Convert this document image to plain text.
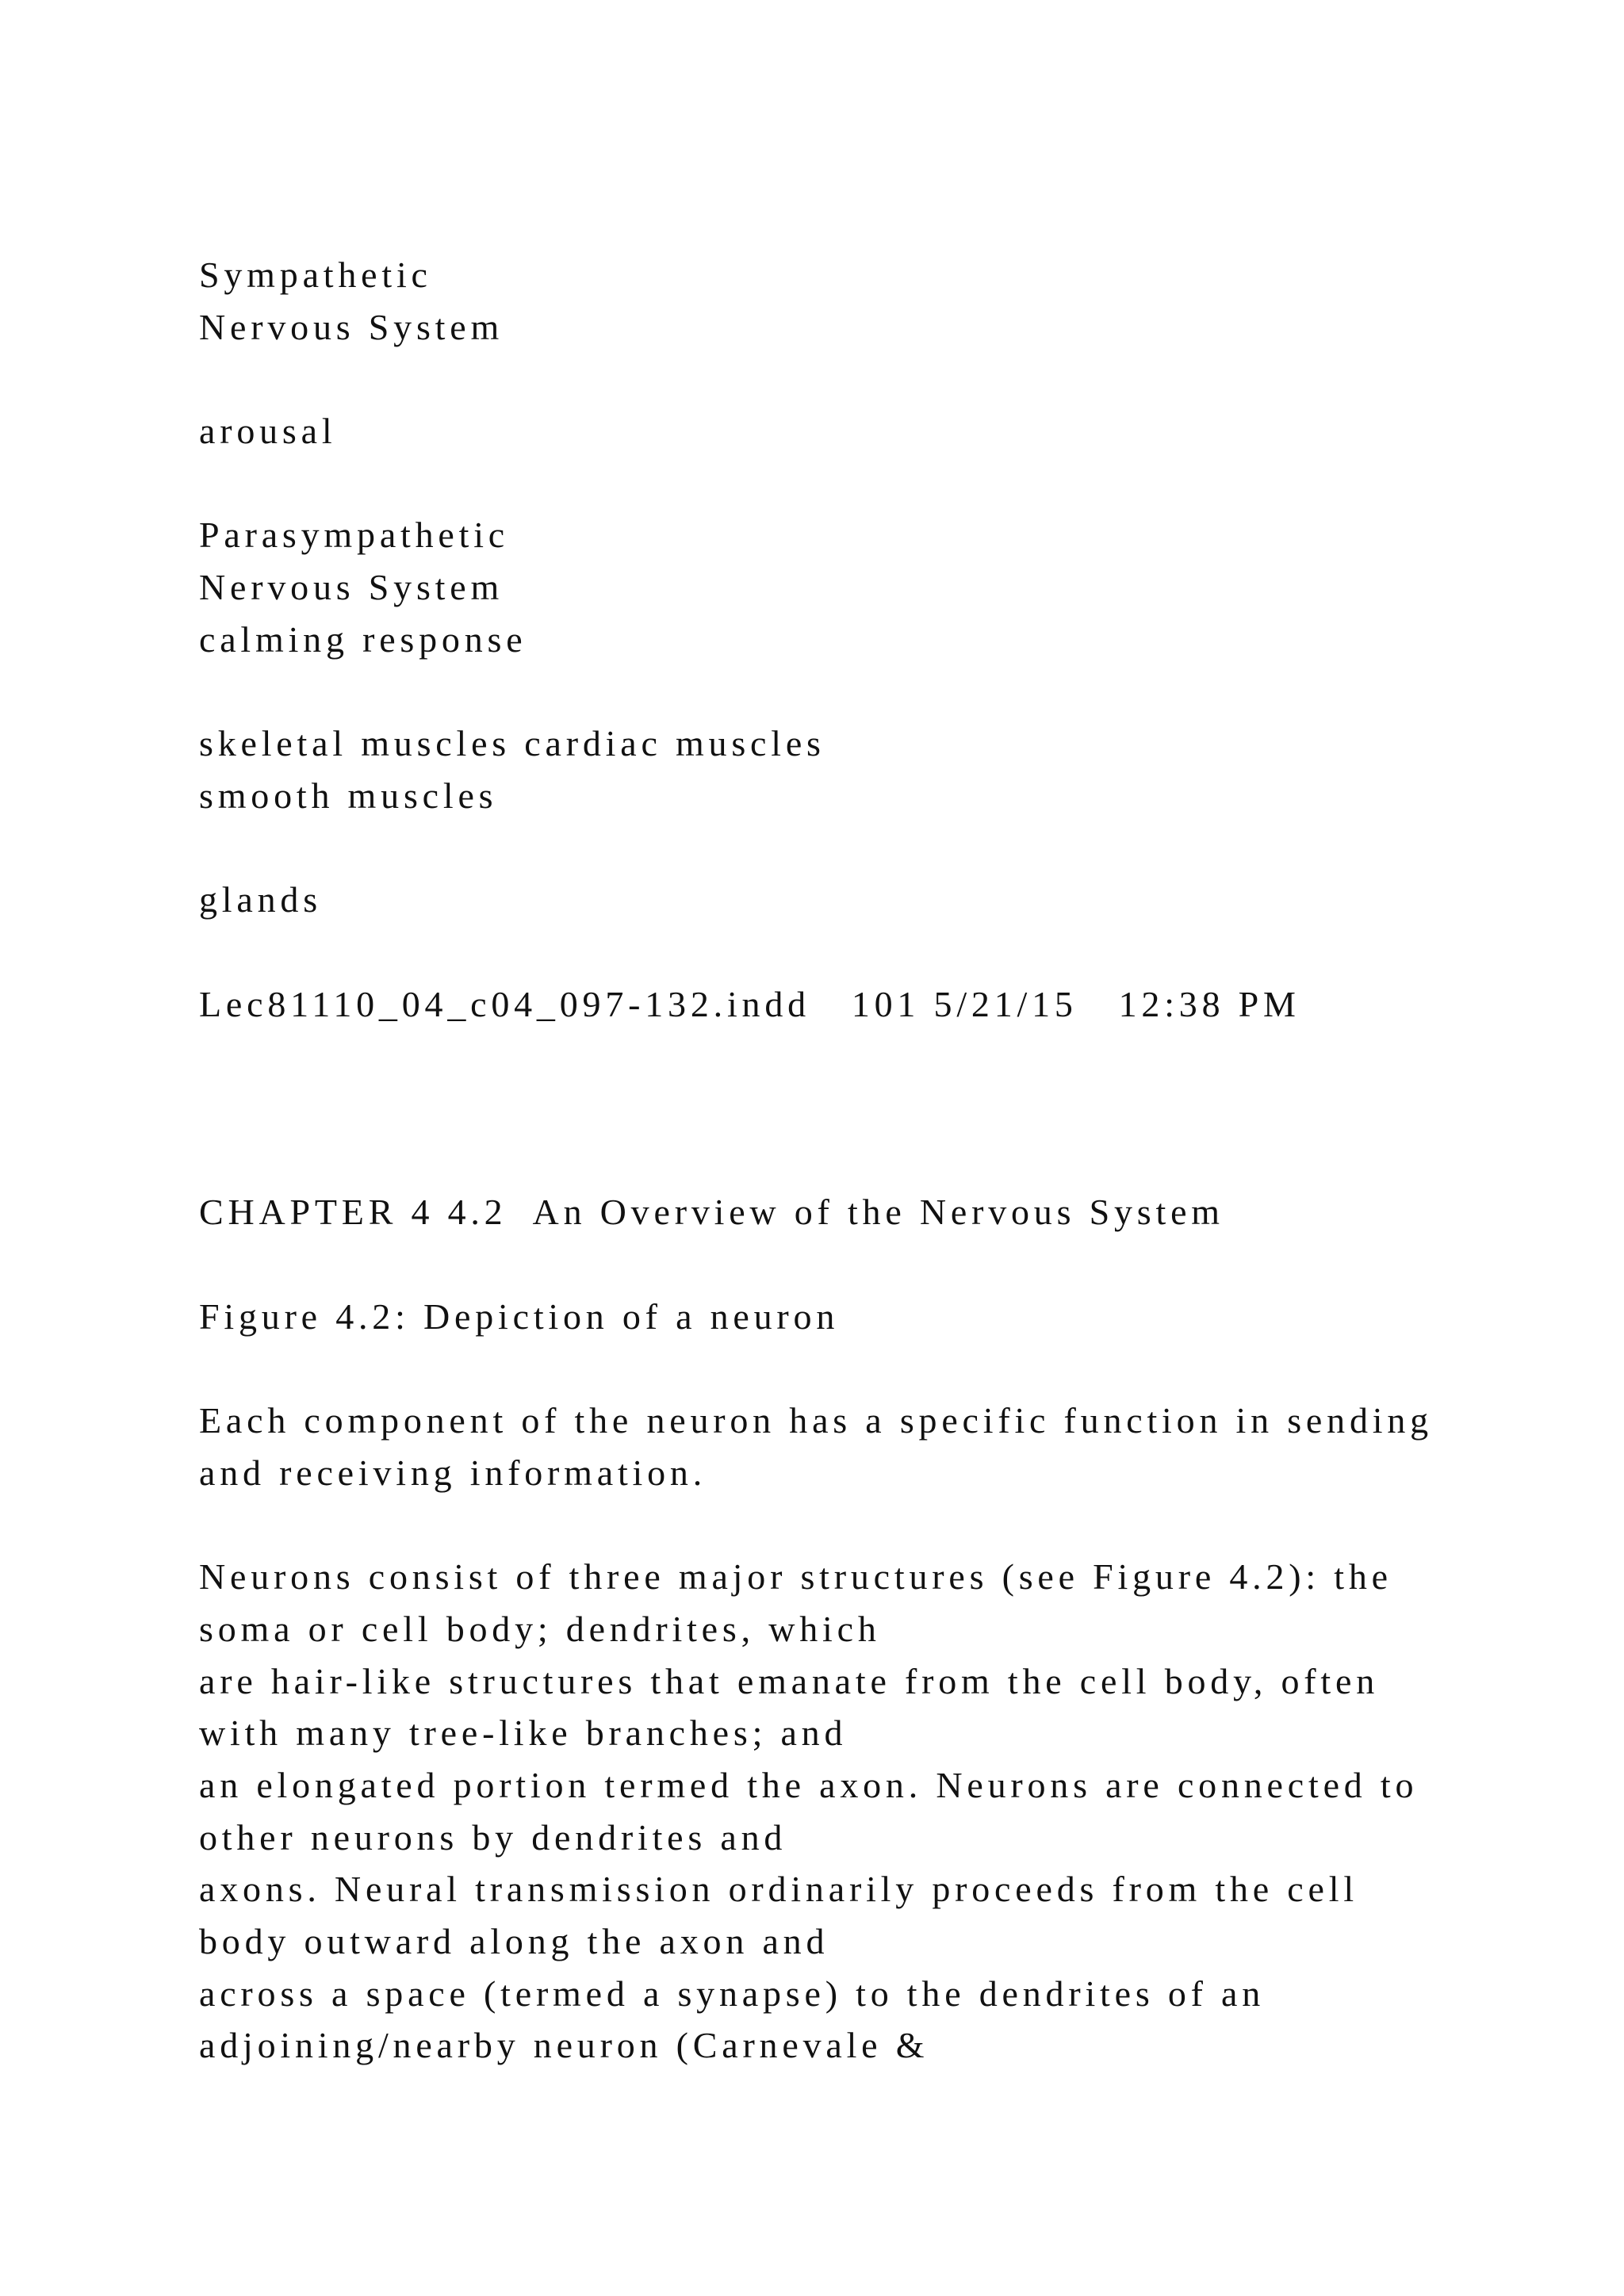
Sympathetic
Nervous System
arousal
Parasympathetic
Nervous System
calming response
skeletal muscles cardiac muscles
smooth muscles
glands
Lec81110_04_c04_097-132.indd   101 5/21/15   12:38 PM
CHAPTER 4 4.2  An Overview of the Nervous System
Figure 4.2: Depiction of a neuron
Each component of the neuron has a specific function in sending
and receiving information.
Neurons consist of three major structures (see Figure 4.2): the
soma or cell body; dendrites, which
are hair-like structures that emanate from the cell body, often
with many tree-like branches; and
an elongated portion termed the axon. Neurons are connected to
other neurons by dendrites and
axons. Neural transmission ordinarily proceeds from the cell
body outward along the axon and
across a space (termed a synapse) to the dendrites of an
adjoining/nearby neuron (Carnevale &
